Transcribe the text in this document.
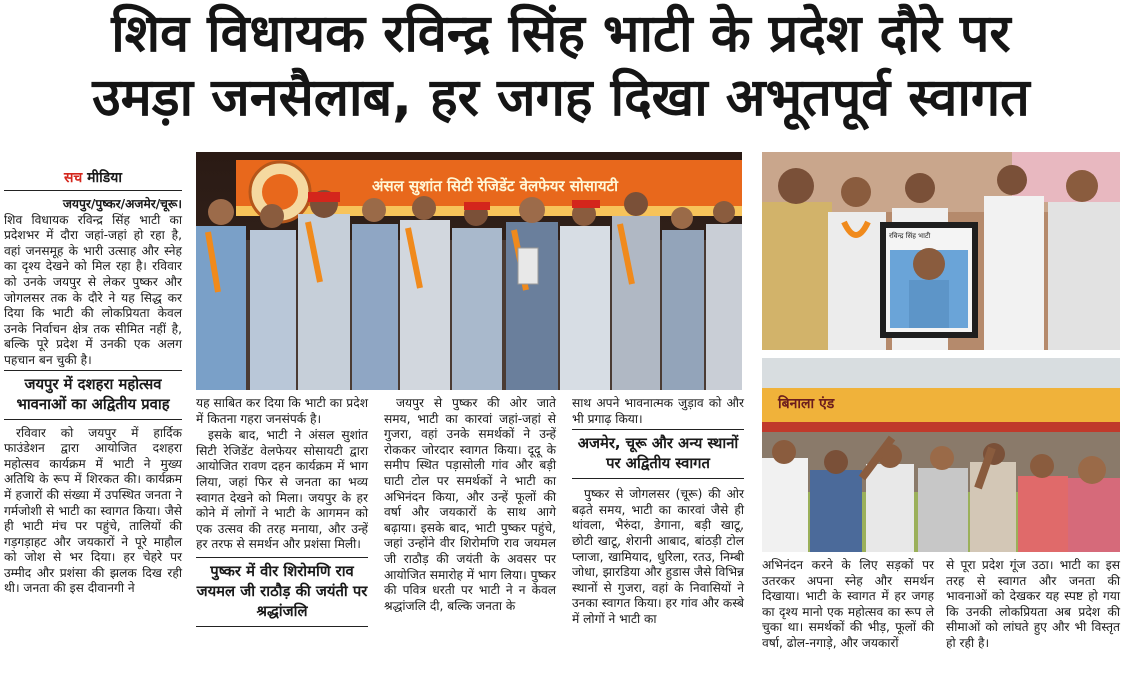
शिव विधायक रविन्द्र सिंह भाटी के प्रदेश दौरे पर
उमड़ा जनसैलाब, हर जगह दिखा अभूतपूर्व स्वागत
सच मीडिया
जयपुर/पुष्कर/अजमेर/चूरू।

शिव विधायक रविन्द्र सिंह भाटी का प्रदेशभर में दौरा जहां-जहां हो रहा है, वहां जनसमूह के भारी उत्साह और स्नेह का दृश्य देखने को मिल रहा है। रविवार को उनके जयपुर से लेकर पुष्कर और जोगलसर तक के दौरे ने यह सिद्ध कर दिया कि भाटी की लोकप्रियता केवल उनके निर्वाचन क्षेत्र तक सीमित नहीं है, बल्कि पूरे प्रदेश में उनकी एक अलग पहचान बन चुकी है।

जयपुर में दशहरा महोत्सव भावनाओं का अद्वितीय प्रवाह

रविवार को जयपुर में हार्दिक फाउंडेशन द्वारा आयोजित दशहरा महोत्सव कार्यक्रम में भाटी ने मुख्य अतिथि के रूप में शिरकत की। कार्यक्रम में हजारों की संख्या में उपस्थित जनता ने गर्मजोशी से भाटी का स्वागत किया। जैसे ही भाटी मंच पर पहुंचे, तालियों की गड़गड़ाहट और जयकारों ने पूरे माहौल को जोश से भर दिया। हर चेहरे पर उम्मीद और प्रशंसा की झलक दिख रही थी। जनता की इस दीवानगी ने

अंसल सुशांत सिटी रेजिडेंट वेलफेयर सोसायटी
रविन्द्र सिंह भाटी
बिनाला एंड

यह साबित कर दिया कि भाटी का प्रदेश में कितना गहरा जनसंपर्क है।

इसके बाद, भाटी ने अंसल सुशांत सिटी रेजिडेंट वेलफेयर सोसायटी द्वारा आयोजित रावण दहन कार्यक्रम में भाग लिया, जहां फिर से जनता का भव्य स्वागत देखने को मिला। जयपुर के हर कोने में लोगों ने भाटी के आगमन को एक उत्सव की तरह मनाया, और उन्हें हर तरफ से समर्थन और प्रशंसा मिली।

पुष्कर में वीर शिरोमणि राव जयमल जी राठौड़ की जयंती पर श्रद्धांजलि

जयपुर से पुष्कर की ओर जाते समय, भाटी का कारवां जहां-जहां से गुजरा, वहां उनके समर्थकों ने उन्हें रोककर जोरदार स्वागत किया। दूदू के समीप स्थित पड़ासोली गांव और बड़ी घाटी टोल पर समर्थकों ने भाटी का अभिनंदन किया, और उन्हें फूलों की वर्षा और जयकारों के साथ आगे बढ़ाया। इसके बाद, भाटी पुष्कर पहुंचे, जहां उन्होंने वीर शिरोमणि राव जयमल जी राठौड़ की जयंती के अवसर पर आयोजित समारोह में भाग लिया। पुष्कर की पवित्र धरती पर भाटी ने न केवल श्रद्धांजलि दी, बल्कि जनता के

साथ अपने भावनात्मक जुड़ाव को और भी प्रगाढ़ किया।

अजमेर, चूरू और अन्य स्थानों पर अद्वितीय स्वागत

पुष्कर से जोगलसर (चूरू) की ओर बढ़ते समय, भाटी का कारवां जैसे ही थांवला, भैरुंदा, डेगाना, बड़ी खाटू, छोटी खाटू, शेरानी आबाद, बांठड़ी टोल प्लाजा, खामियाद, धुरिला, रतउ, निम्बी जोधा, झारडिया और हुडास जैसे विभिन्न स्थानों से गुजरा, वहां के निवासियों ने उनका स्वागत किया। हर गांव और कस्बे में लोगों ने भाटी का

अभिनंदन करने के लिए सड़कों पर उतरकर अपना स्नेह और समर्थन दिखाया। भाटी के स्वागत में हर जगह का दृश्य मानो एक महोत्सव का रूप ले चुका था। समर्थकों की भीड़, फूलों की वर्षा, ढोल-नगाड़े, और जयकारों

से पूरा प्रदेश गूंज उठा। भाटी का इस तरह से स्वागत और जनता की भावनाओं को देखकर यह स्पष्ट हो गया कि उनकी लोकप्रियता अब प्रदेश की सीमाओं को लांघते हुए और भी विस्तृत हो रही है।
